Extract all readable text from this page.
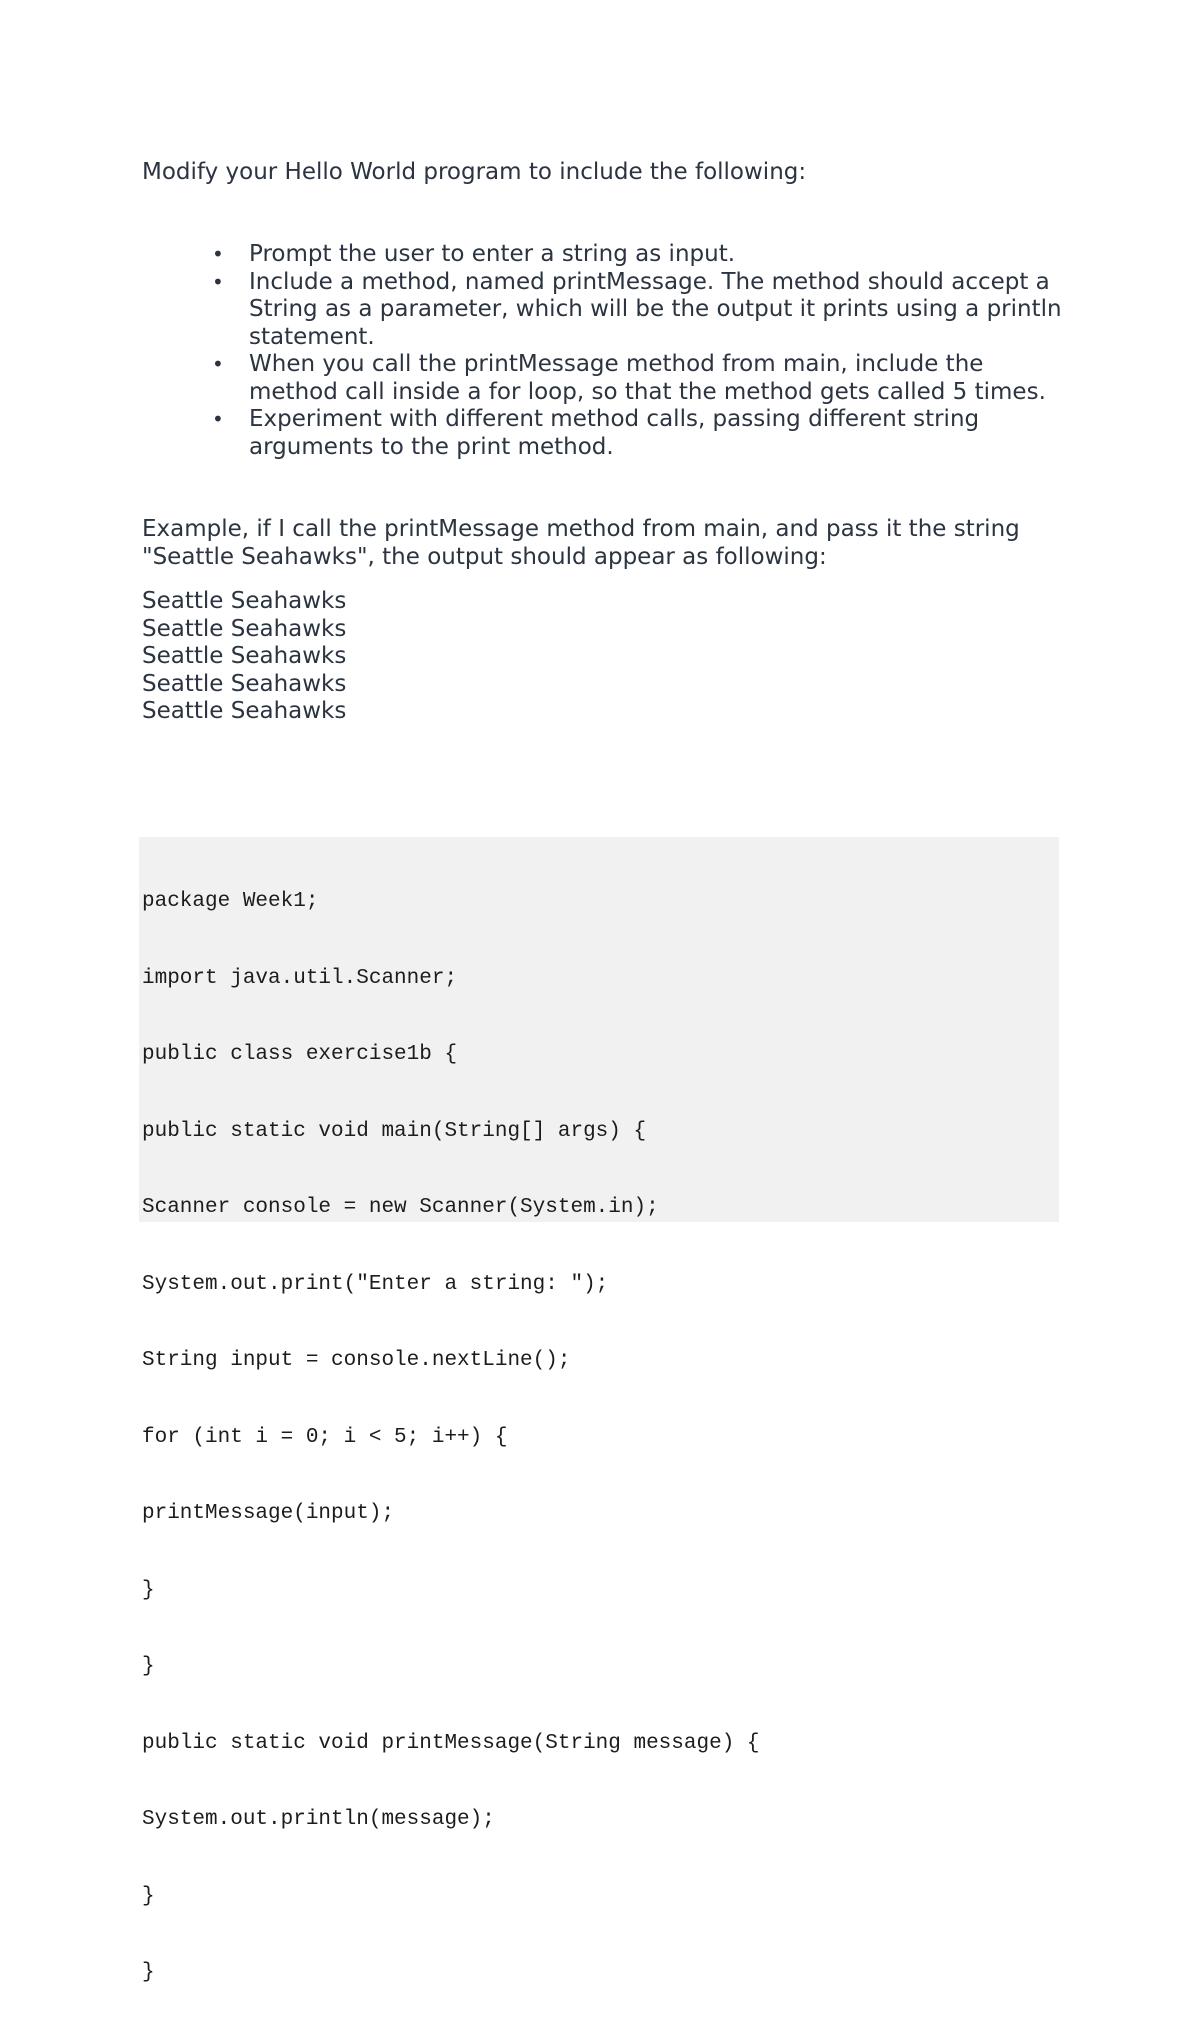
Modify your Hello World program to include the following:

• Prompt the user to enter a string as input.
• Include a method, named printMessage. The method should accept a String as a parameter, which will be the output it prints using a println statement.
• When you call the printMessage method from main, include the method call inside a for loop, so that the method gets called 5 times.
• Experiment with different method calls, passing different string arguments to the print method.

Example, if I call the printMessage method from main, and pass it the string "Seattle Seahawks", the output should appear as following:

Seattle Seahawks
Seattle Seahawks
Seattle Seahawks
Seattle Seahawks
Seattle Seahawks

package Week1;

import java.util.Scanner;

public class exercise1b {

public static void main(String[] args) {

Scanner console = new Scanner(System.in);

System.out.print("Enter a string: ");

String input = console.nextLine();

for (int i = 0; i < 5; i++) {

printMessage(input);

}

}

public static void printMessage(String message) {

System.out.println(message);

}

}
